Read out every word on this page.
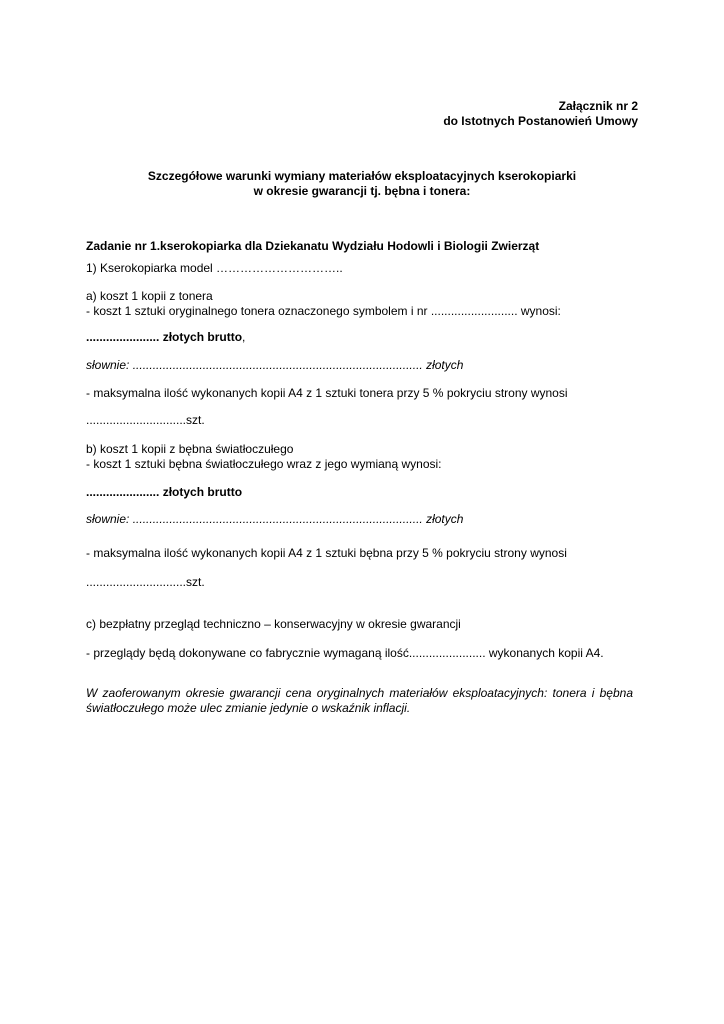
Załącznik nr 2
do Istotnych Postanowień Umowy
Szczegółowe warunki wymiany materiałów eksploatacyjnych kserokopiarki
w okresie gwarancji tj. bębna i tonera:
Zadanie nr 1.kserokopiarka dla Dziekanatu Wydziału Hodowli i Biologii Zwierząt
1) Kserokopiarka model …………………………..
a) koszt 1 kopii z tonera
- koszt 1 sztuki oryginalnego tonera oznaczonego symbolem i nr .......................... wynosi:
...................... złotych brutto,
słownie: ....................................................................................... złotych
- maksymalna ilość wykonanych kopii A4 z 1 sztuki tonera przy 5 % pokryciu strony wynosi
..............................szt.
b) koszt 1 kopii z bębna światłoczułego
- koszt 1 sztuki bębna światłoczułego wraz z jego wymianą wynosi:
...................... złotych brutto
słownie: ....................................................................................... złotych
- maksymalna ilość wykonanych kopii A4 z 1 sztuki bębna przy 5 % pokryciu strony wynosi
..............................szt.
c) bezpłatny przegląd techniczno – konserwacyjny w okresie gwarancji
- przeglądy będą dokonywane co fabrycznie wymaganą ilość....................... wykonanych kopii A4.
W zaoferowanym okresie gwarancji cena oryginalnych materiałów eksploatacyjnych: tonera i bębna światłoczułego może ulec zmianie jedynie o wskaźnik inflacji.
